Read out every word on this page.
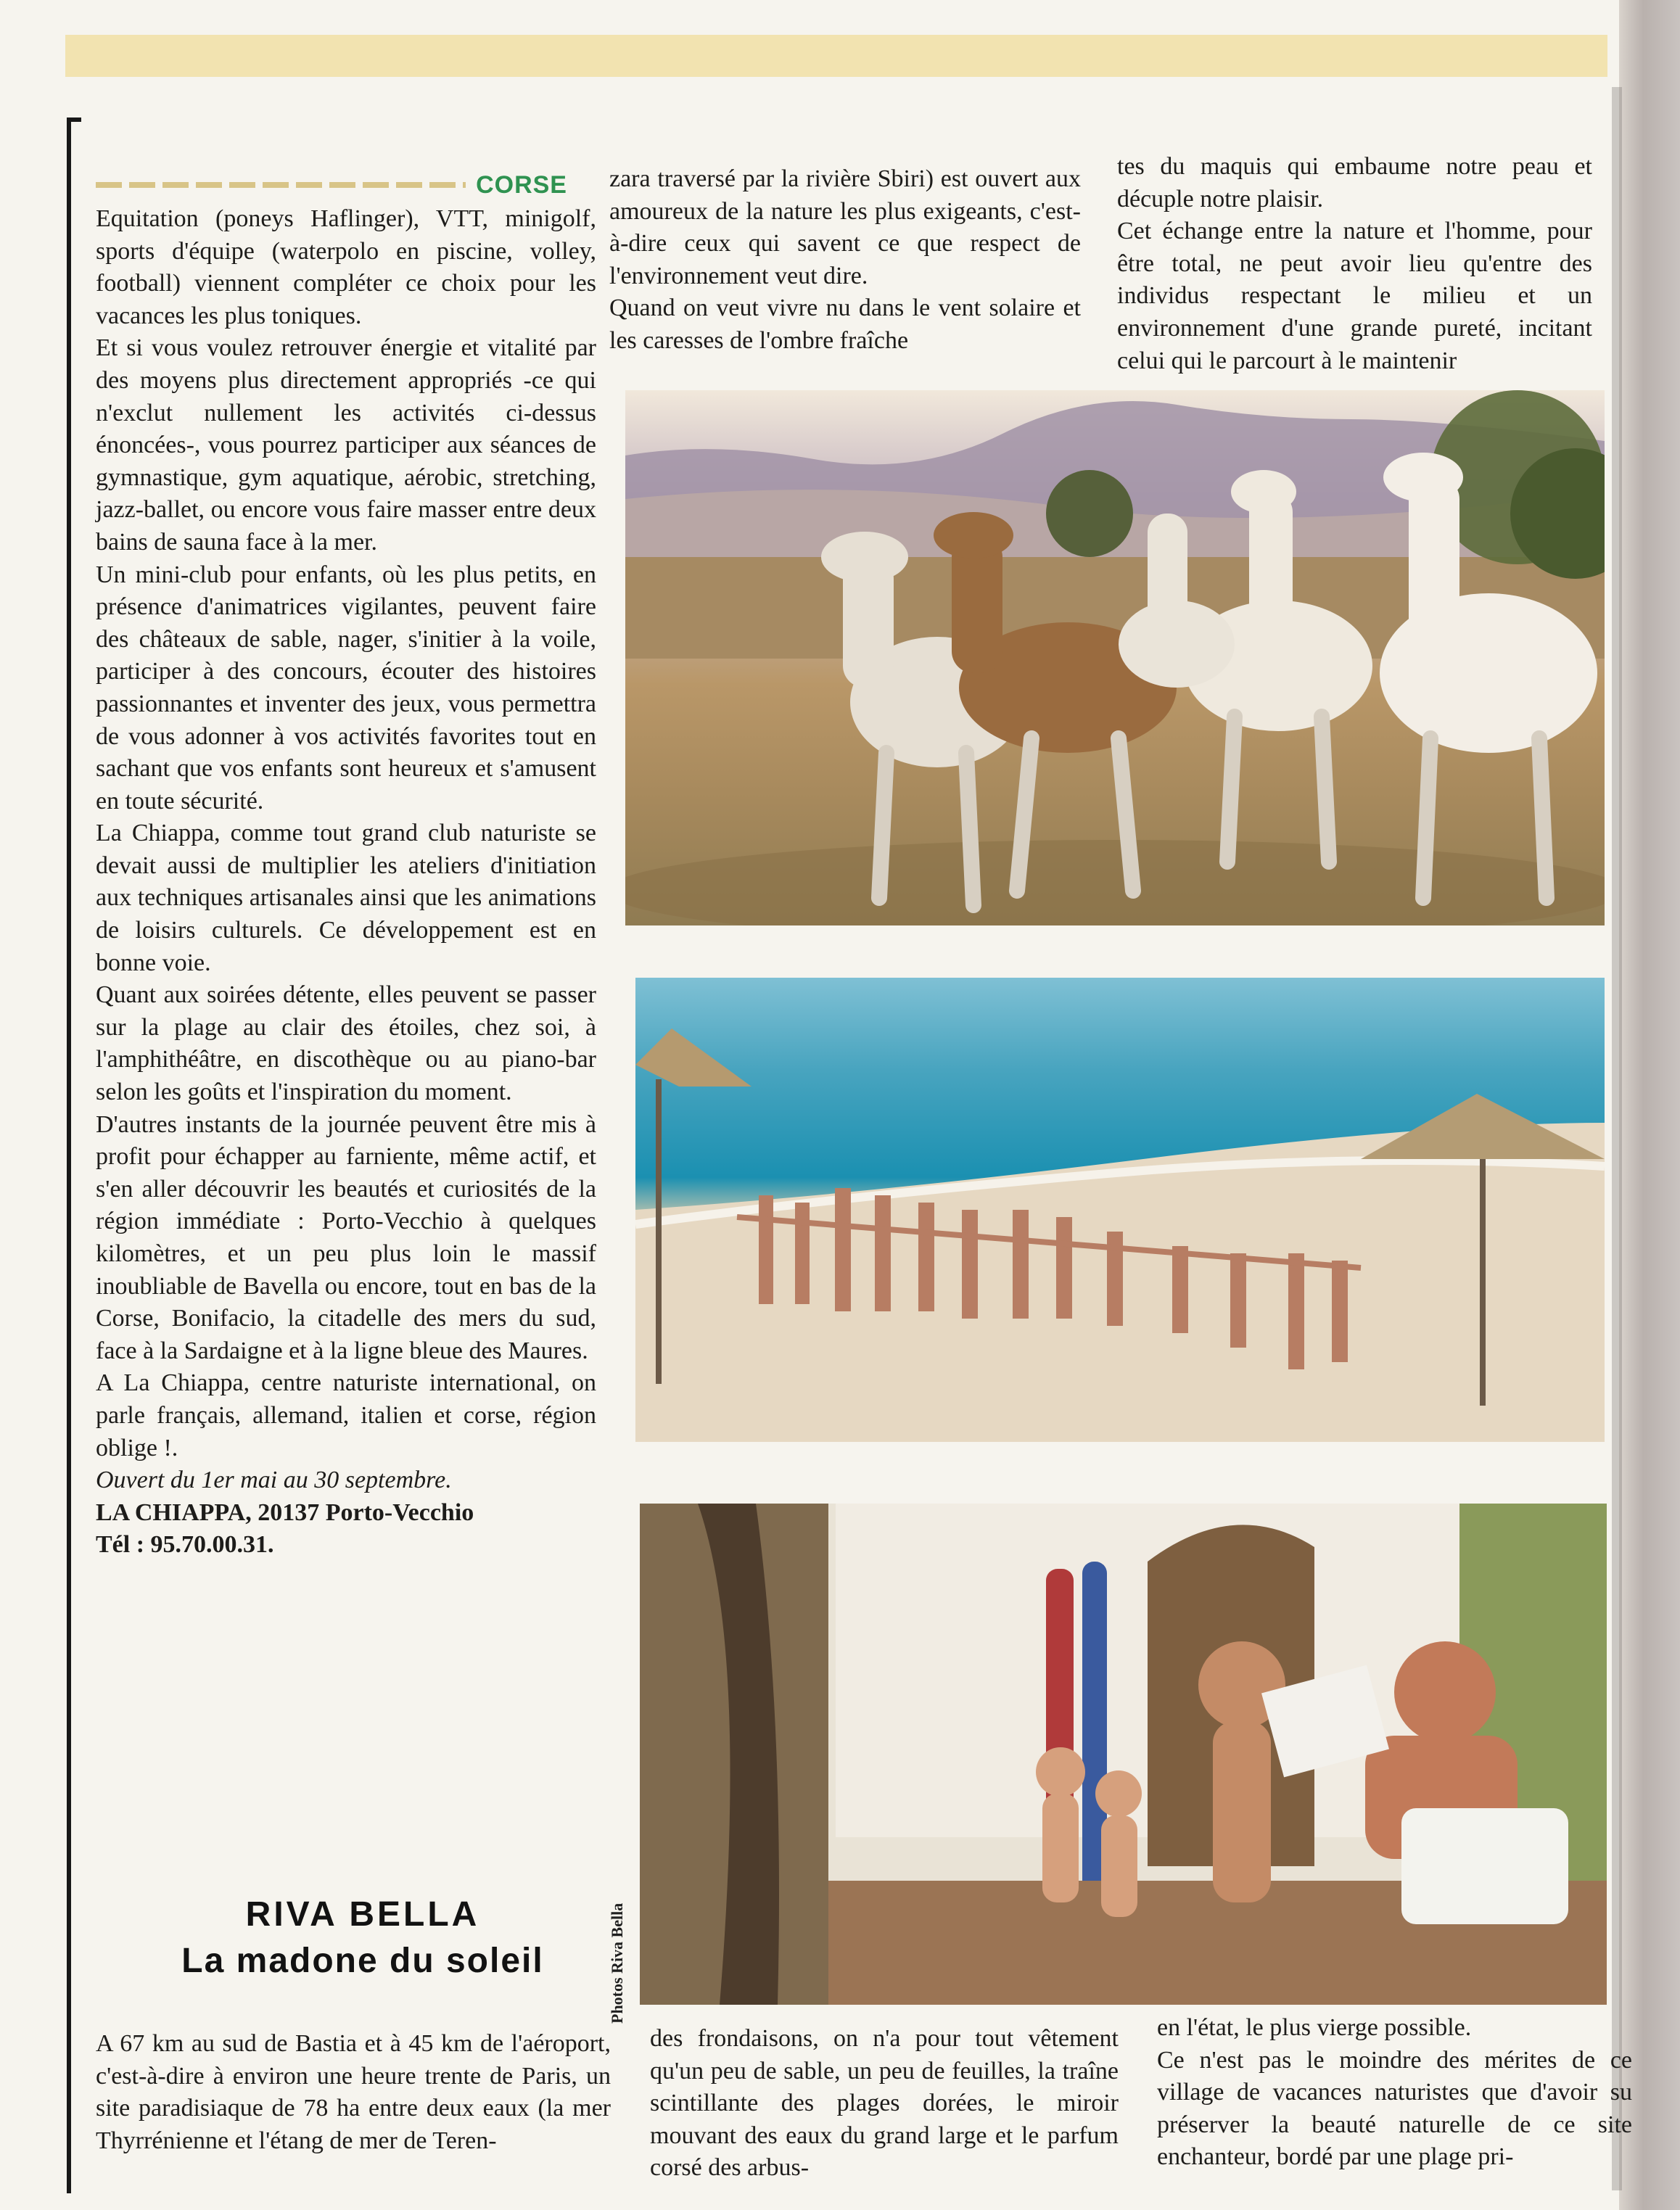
CORSE

Equitation (poneys Haflinger), VTT, minigolf, sports d'équipe (waterpolo en piscine, volley, football) viennent compléter ce choix pour les vacances les plus toniques.

Et si vous voulez retrouver énergie et vitalité par des moyens plus directement appropriés -ce qui n'exclut nullement les activités ci-dessus énoncées-, vous pourrez participer aux séances de gymnastique, gym aquatique, aérobic, stretching, jazz-ballet, ou encore vous faire masser entre deux bains de sauna face à la mer.

Un mini-club pour enfants, où les plus petits, en présence d'animatrices vigilantes, peuvent faire des châteaux de sable, nager, s'initier à la voile, participer à des concours, écouter des histoires passionnantes et inventer des jeux, vous permettra de vous adonner à vos activités favorites tout en sachant que vos enfants sont heureux et s'amusent en toute sécurité.

La Chiappa, comme tout grand club naturiste se devait aussi de multiplier les ateliers d'initiation aux techniques artisanales ainsi que les animations de loisirs culturels. Ce développement est en bonne voie.

Quant aux soirées détente, elles peuvent se passer sur la plage au clair des étoiles, chez soi, à l'amphithéâtre, en discothèque ou au piano-bar selon les goûts et l'inspiration du moment.

D'autres instants de la journée peuvent être mis à profit pour échapper au farniente, même actif, et s'en aller découvrir les beautés et curiosités de la région immédiate : Porto-Vecchio à quelques kilomètres, et un peu plus loin le massif inoubliable de Bavella ou encore, tout en bas de la Corse, Bonifacio, la citadelle des mers du sud, face à la Sardaigne et à la ligne bleue des Maures.

A La Chiappa, centre naturiste international, on parle français, allemand, italien et corse, région oblige !.

Ouvert du 1er mai au 30 septembre.

LA CHIAPPA, 20137 Porto-Vecchio

Tél : 95.70.00.31.

RIVA BELLA
La madone du soleil	Photos Riva Bella

A 67 km au sud de Bastia et à 45 km de l'aéroport, c'est-à-dire à environ une heure trente de Paris, un site paradisiaque de 78 ha entre deux eaux (la mer Thyrrénienne et l'étang de mer de Teren-

zara traversé par la rivière Sbiri) est ouvert aux amoureux de la nature les plus exigeants, c'est-à-dire ceux qui savent ce que respect de l'environnement veut dire.

Quand on veut vivre nu dans le vent solaire et les caresses de l'ombre fraîche

des frondaisons, on n'a pour tout vêtement qu'un peu de sable, un peu de feuilles, la traîne scintillante des plages dorées, le miroir mouvant des eaux du grand large et le parfum corsé des arbus-

tes du maquis qui embaume notre peau et décuple notre plaisir.

Cet échange entre la nature et l'homme, pour être total, ne peut avoir lieu qu'entre des individus respectant le milieu et un environnement d'une grande pureté, incitant celui qui le parcourt à le maintenir

en l'état, le plus vierge possible.

Ce n'est pas le moindre des mérites de ce village de vacances naturistes que d'avoir su préserver la beauté naturelle de ce site enchanteur, bordé par une plage pri-
